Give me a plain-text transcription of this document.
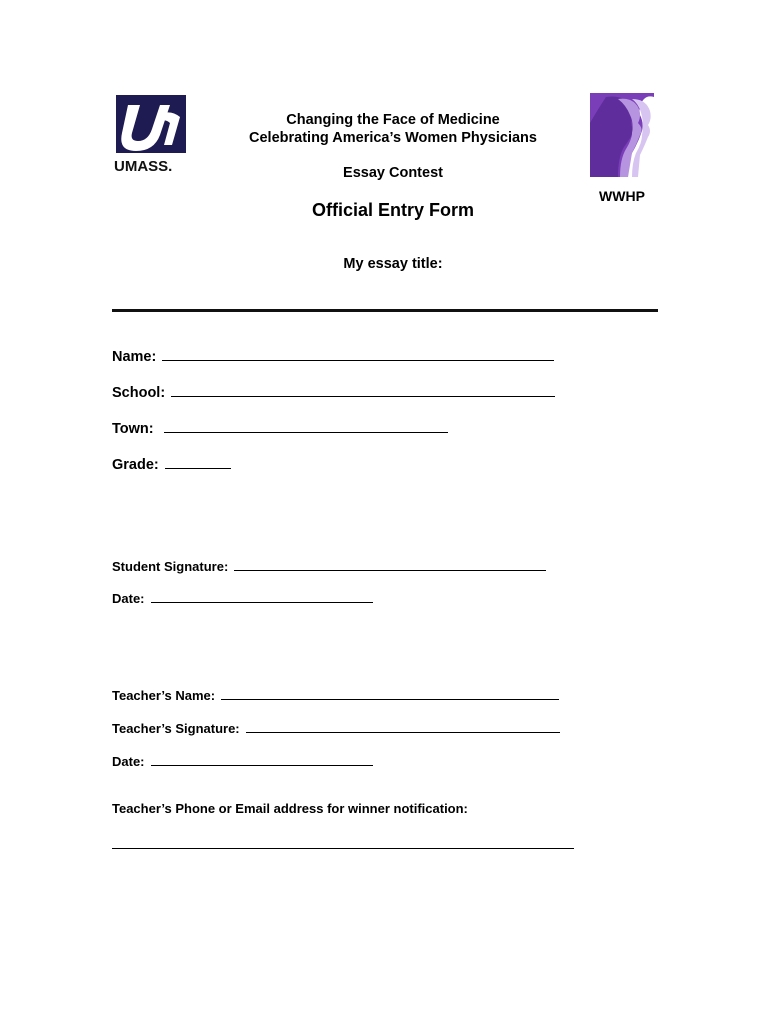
UMASS.
WWHP
Changing the Face of Medicine
Celebrating America’s Women Physicians
Essay Contest
Official Entry Form
My essay title:
Name:
School:
Town:
Grade:
Student Signature:
Date:
Teacher’s Name:
Teacher’s Signature:
Date:
Teacher’s Phone or Email address for winner notification:
